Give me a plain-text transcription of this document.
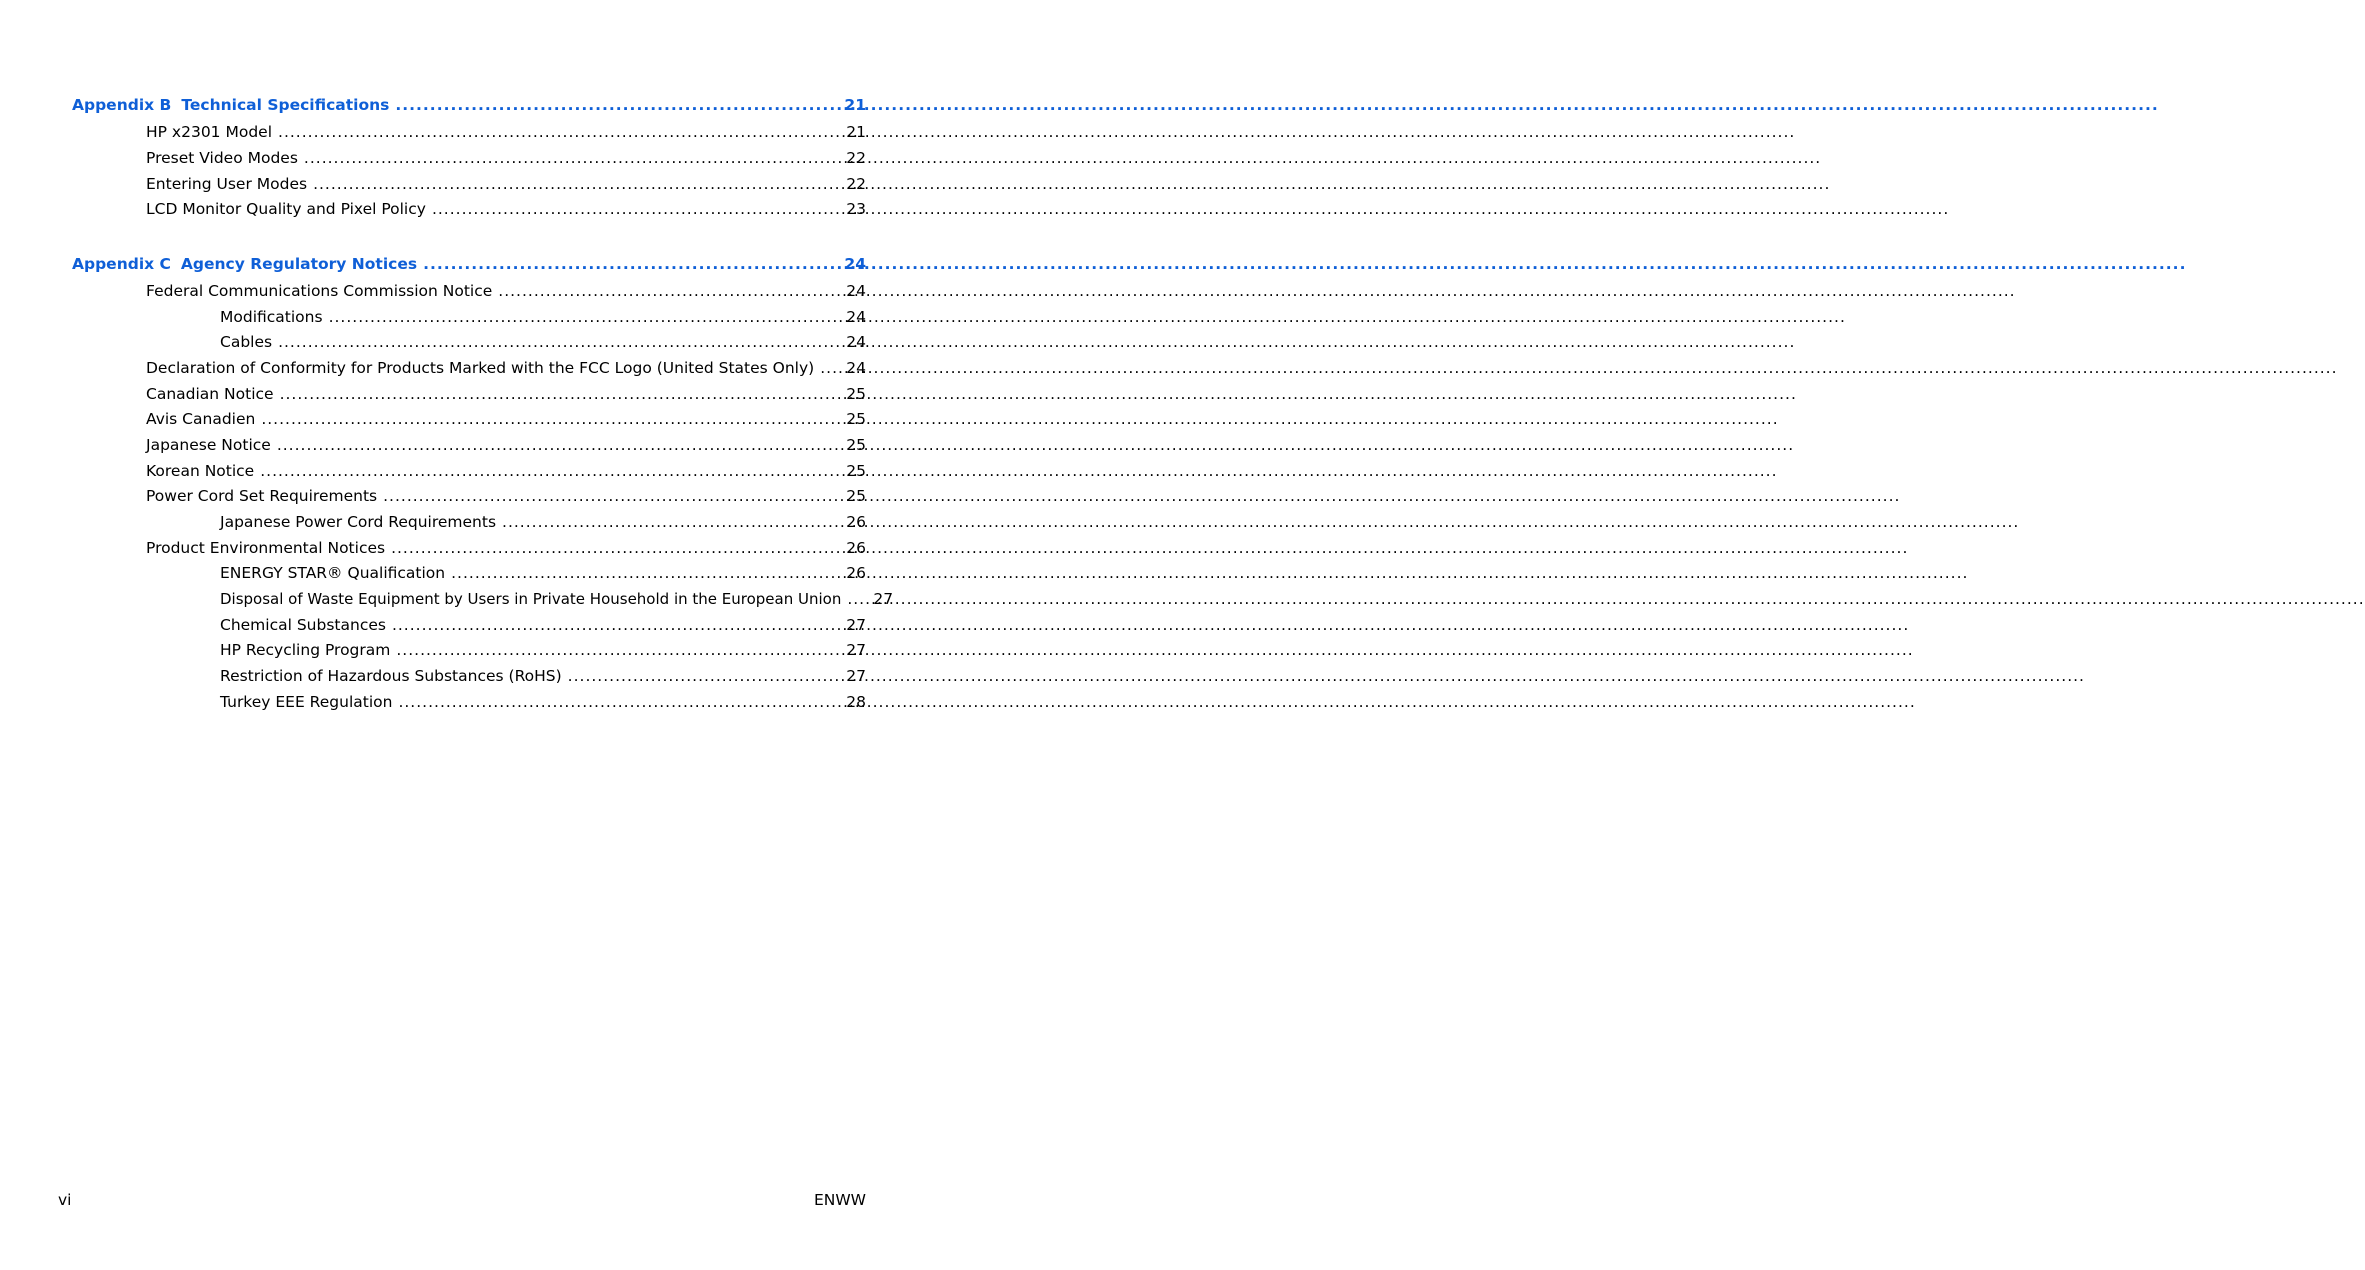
Appendix B Technical Specifications .....	21
HP x2301 Model .....	21
Preset Video Modes .....	22
Entering User Modes .....	22
LCD Monitor Quality and Pixel Policy .....	23
Appendix C Agency Regulatory Notices .....	24
Federal Communications Commission Notice .....	24
Modifications .....	24
Cables .....	24
Declaration of Conformity for Products Marked with the FCC Logo (United States Only) ..... 24
Canadian Notice .....	25
Avis Canadien .....	25
Japanese Notice .....	25
Korean Notice .....	25
Power Cord Set Requirements .....	25
Japanese Power Cord Requirements .....	26
Product Environmental Notices .....	26
ENERGY STAR® Qualification .....	26
Disposal of Waste Equipment by Users in Private Household in the European Union ..... 27
Chemical Substances .....	27
HP Recycling Program .....	27
Restriction of Hazardous Substances (RoHS) .....	27
Turkey EEE Regulation .....	28
vi	ENWW
